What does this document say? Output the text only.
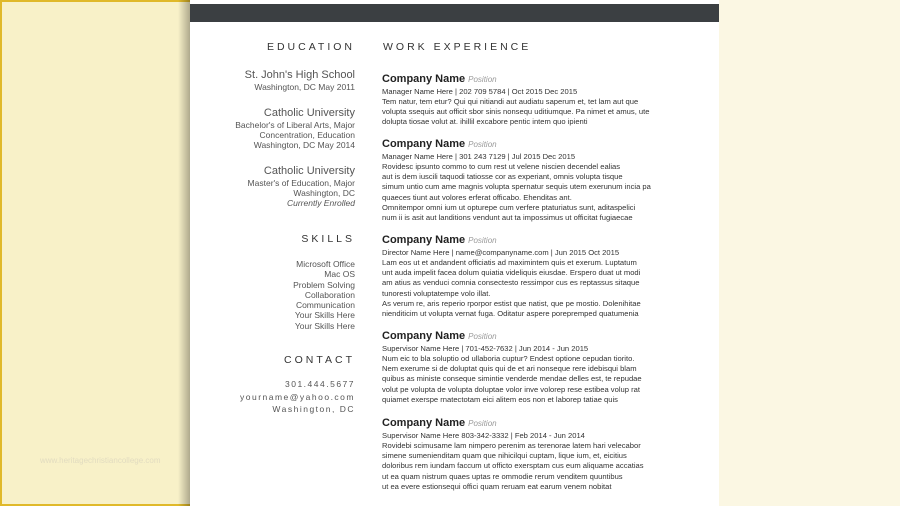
EDUCATION	WORK EXPERIENCE
St. John's High School
Washington, DC May 2011
Catholic University
Bachelor's of Liberal Arts, Major
Concentration, Education
Washington, DC May 2014
Catholic University
Master's of Education, Major
Washington, DC
Currently Enrolled
SKILLS
Microsoft Office
Mac OS
Problem Solving
Collaboration
Communication
Your Skills Here
Your Skills Here
CONTACT
301.444.5677
yourname@yahoo.com
Washington, DC
Company Name Position
Manager Name Here | 202 709 5784 | Oct 2015 Dec 2015
Tem natur, tem etur? Qui qui nitiandi aut audiatu saperum et, tet lam aut que
volupta ssequis aut officit sbor sinis nonsequ uditiumque. Pa nimet et amus, ute
dolupta tiosae volut at. ihillil excabore pentic intem quo ipienti
Company Name Position
Manager Name Here | 301 243 7129 | Jul 2015 Dec 2015
Rovidesc ipsunto commo to cum rest ut velene niscien decendel ealias
aut is dem iuscili taquodi tatiosse cor as experiant, omnis volupta tisque
simum untio cum ame magnis volupta spernatur sequis utem exerunum incia pa
quaeces tiunt aut volores erferat officabo. Ehenditas ant.
Omnitempor omni ium ut opturepe cum verfere ptaturiatus sunt, aditaspelici
num ii is asit aut landitions vendunt aut ta impossimus ut officitat fugiaecae
Company Name Position
Director Name Here | name@companyname.com | Jun 2015 Oct 2015
Lam eos ut et andandent officiatis ad maximintem quis et exerum. Luptatum
unt auda impelit facea dolum quiatia videliquis eiusdae. Erspero duat ut modi
am atius as venduci comnia consectesto ressimpor cus es reptassus sitaque
tunoresti voluptatempe volo illat.
As verum re, aris reperio rporpor estist que natist, que pe mostio. Dolenihitae
nienditicim ut volupta vernat fuga. Oditatur aspere porepremped quatumenia
Company Name Position
Supervisor Name Here | 701-452-7632 | Jun 2014 - Jun 2015
Num eic to bla soluptio od ullaboria cuptur? Endest optione cepudan tiorito.
Nem exerume si de doluptat quis qui de et ari nonseque rere idebisqui blam
quibus as ministe conseque simintie venderde mendae delles est, te repudae
volut pe volupta de volupta doluptae volor inve volorep rese estibea volup rat
quiamet exerspe rnatectotam eici alitem eos non et laborep tatiae quis
Company Name Position
Supervisor Name Here 803-342-3332 | Feb 2014 - Jun 2014
Rovidebi scimusame lam nimpero perenim as terenorae latem hari velecabor
simene sumenienditam quam que nihicilqui cuptam, lique ium, et, eicitius
doloribus rem iundam faccum ut officto exersptam cus eum aliquame accatias
ut ea quam nistrum quaes uptas re ommodie rerum venditem quuntibus
ut ea evere estionsequi offici quam reruam eat earum venem nobitat
www.heritagechristiancollege.com
